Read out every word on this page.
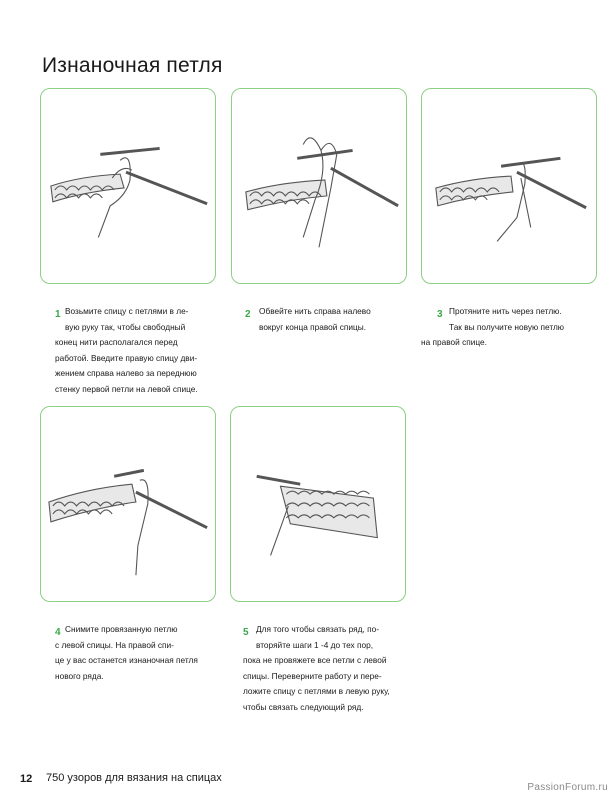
Изнаночная петля
1 Возьмите спицу с петлями в ле-
вую руку так, чтобы свободный
конец нити располагался перед
работой. Введите правую спицу дви-
жением справа налево за переднюю
стенку первой петли на левой спице.
2	Обвейте нить справа налево
вокруг конца правой спицы.
3 Протяните нить через петлю.
Так вы получите новую петлю
на правой спице.
4 Снимите провязанную петлю
с левой спицы. На правой спи-
це у вас останется изнаночная петля
нового ряда.
5 Для того чтобы связать ряд, по-
вторяйте шаги 1 -4 до тех пор,
пока не провяжете все петли с левой
спицы. Переверните работу и пере-
ложите спицу с петлями в левую руку,
чтобы связать следующий ряд.
12 750 узоров для вязания на спицах
PassionForum.ru
